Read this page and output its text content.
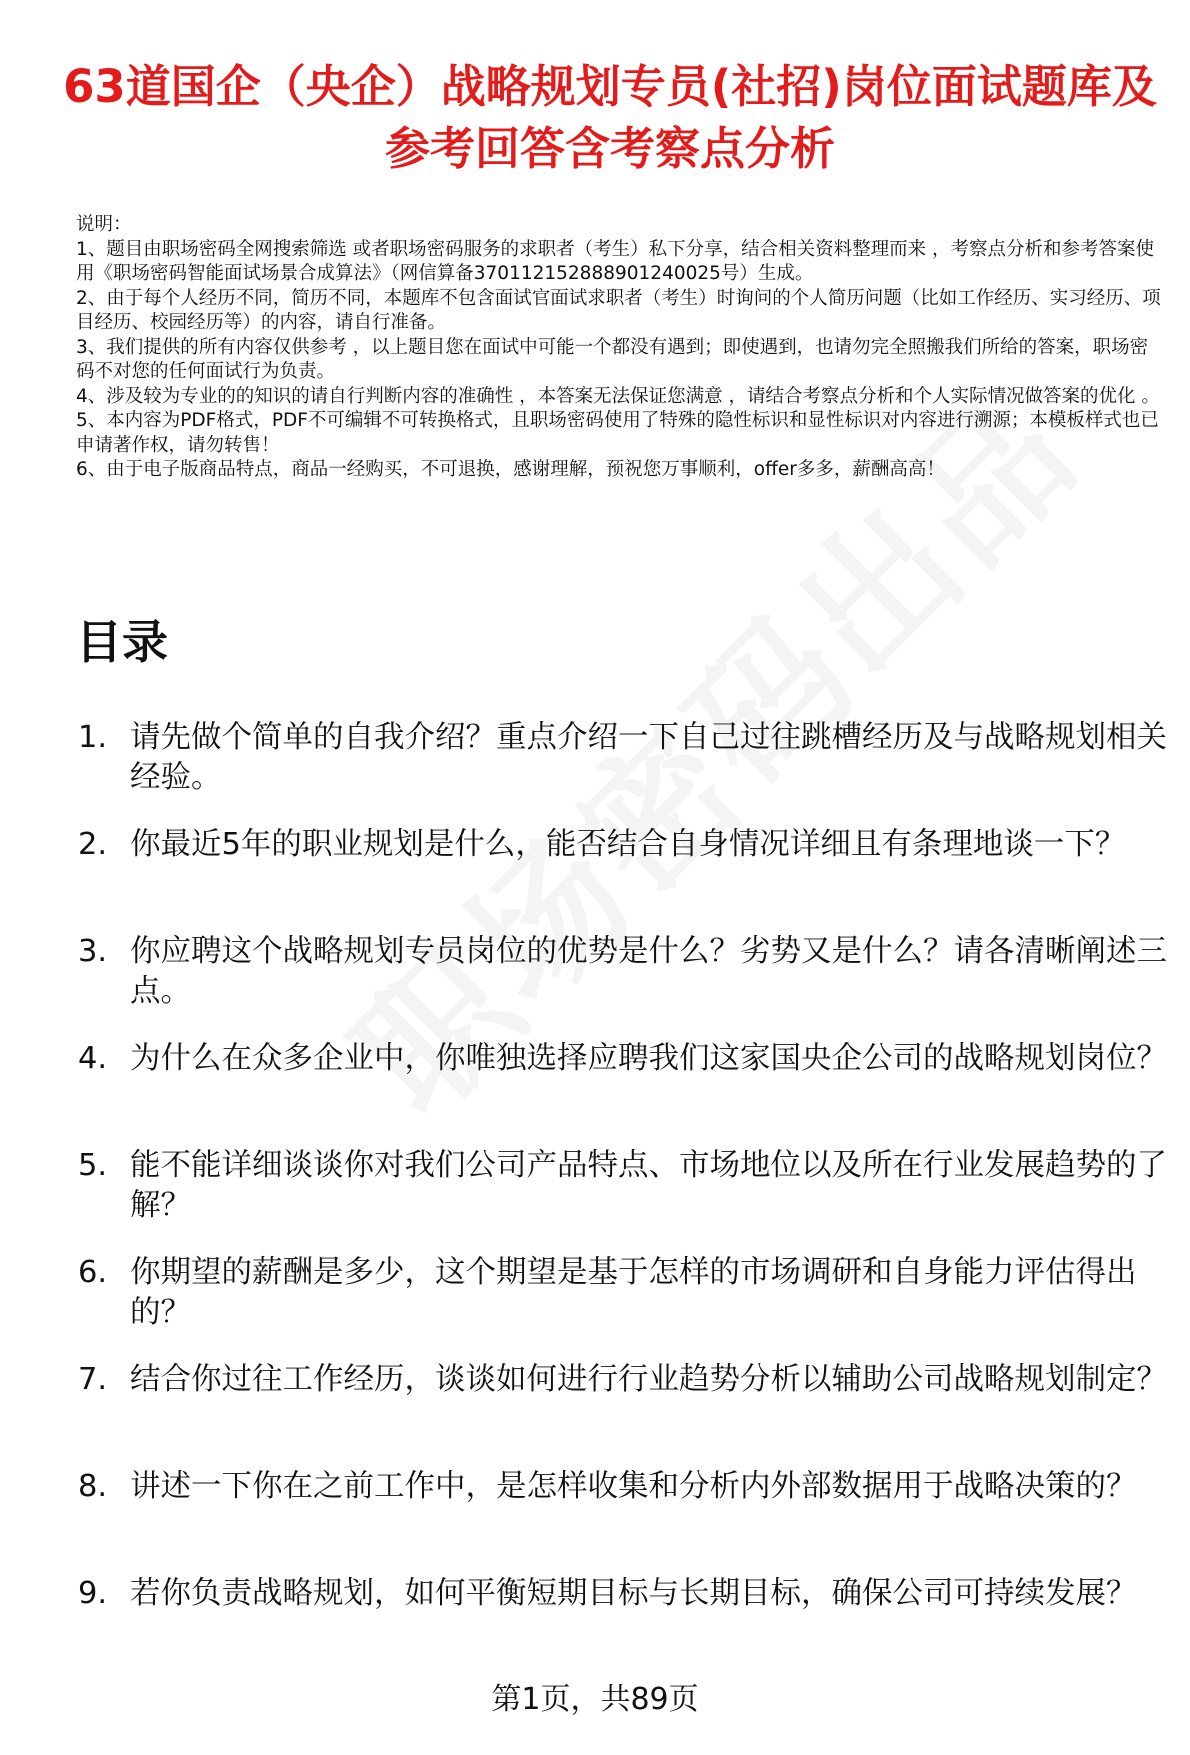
63道国企（央企）战略规划专员(社招)岗位面试题库及参考回答含考察点分析

说明：

1、题目由职场密码全网搜索筛选 或者职场密码服务的求职者（考生）私下分享，结合相关资料整理而来 ，考察点分析和参考答案使用《职场密码智能面试场景合成算法》（网信算备370112152888901240025号）生成。

2、由于每个人经历不同，简历不同，本题库不包含面试官面试求职者（考生）时询问的个人简历问题（比如工作经历、实习经历、项目经历、校园经历等）的内容，请自行准备。

3、我们提供的所有内容仅供参考 ，以上题目您在面试中可能一个都没有遇到；即使遇到，也请勿完全照搬我们所给的答案，职场密码不对您的任何面试行为负责。

4、涉及较为专业的的知识的请自行判断内容的准确性 ，本答案无法保证您满意 ，请结合考察点分析和个人实际情况做答案的优化 。

5、本内容为PDF格式，PDF不可编辑不可转换格式，且职场密码使用了特殊的隐性标识和显性标识对内容进行溯源；本模板样式也已申请著作权，请勿转售！

6、由于电子版商品特点，商品一经购买，不可退换，感谢理解，预祝您万事顺利，offer多多，薪酬高高！

目录
1. 请先做个简单的自我介绍？重点介绍一下自己过往跳槽经历及与战略规划相关经验。
2. 你最近5年的职业规划是什么，能否结合自身情况详细且有条理地谈一下？
3. 你应聘这个战略规划专员岗位的优势是什么？劣势又是什么？请各清晰阐述三点。
4. 为什么在众多企业中，你唯独选择应聘我们这家国央企公司的战略规划岗位？
5. 能不能详细谈谈你对我们公司产品特点、市场地位以及所在行业发展趋势的了解？
6. 你期望的薪酬是多少，这个期望是基于怎样的市场调研和自身能力评估得出的？
7. 结合你过往工作经历，谈谈如何进行行业趋势分析以辅助公司战略规划制定？
8. 讲述一下你在之前工作中，是怎样收集和分析内外部数据用于战略决策的？
9. 若你负责战略规划，如何平衡短期目标与长期目标，确保公司可持续发展？
第1页，共89页
